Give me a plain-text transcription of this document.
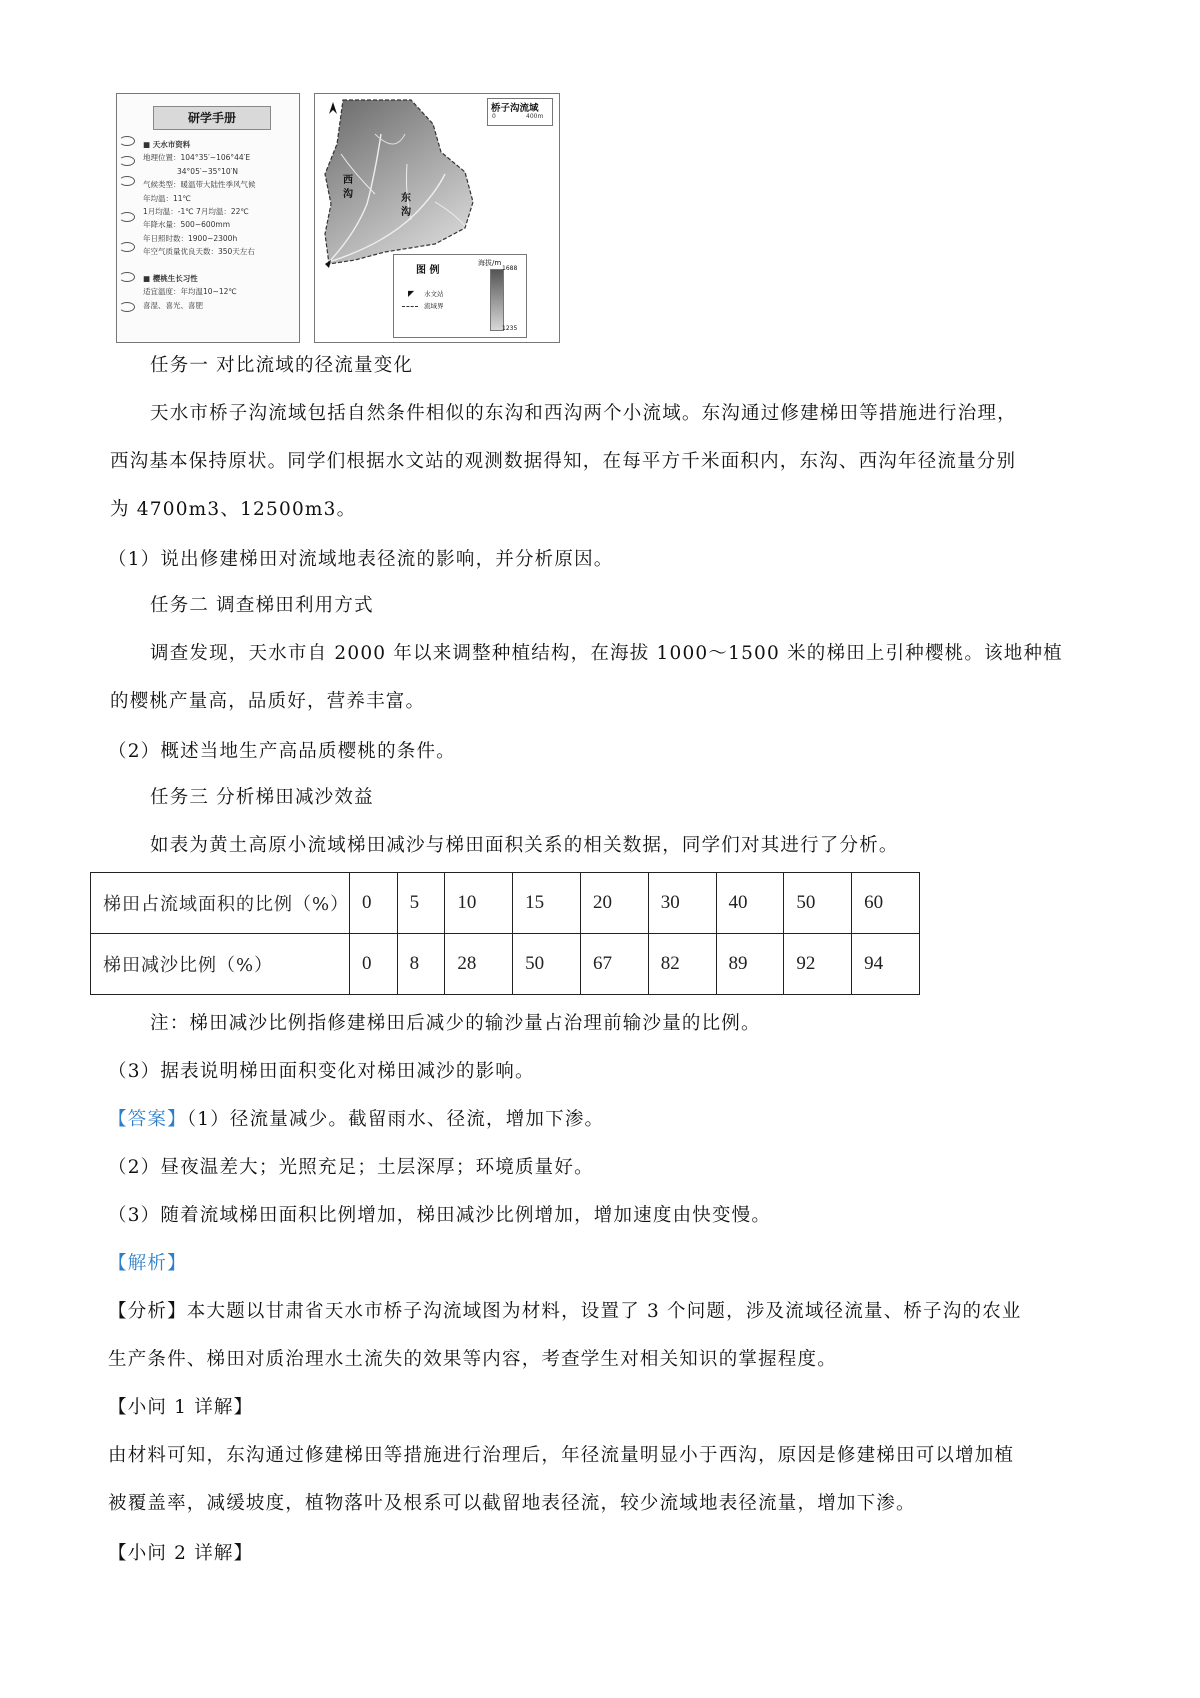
研学手册
■ 天水市资料
地理位置：104°35′~106°44′E
34°05′~35°10′N
气候类型：暖温带大陆性季风气候
年均温：11℃
1月均温：-1℃ 7月均温：22℃
年降水量：500~600mm
年日照时数：1900~2300h
年空气质量优良天数：350天左右

■ 樱桃生长习性
适宜温度：年均温10~12℃
喜湿、喜光、喜肥
桥子沟流域
0	400m
西
沟	东
沟
图 例
海拔/m
1688
1235
◤ 水文站
流域界
任务一 对比流域的径流量变化
天水市桥子沟流域包括自然条件相似的东沟和西沟两个小流域。东沟通过修建梯田等措施进行治理，
西沟基本保持原状。同学们根据水文站的观测数据得知，在每平方千米面积内，东沟、西沟年径流量分别
为 4700m3、12500m3。
（1）说出修建梯田对流域地表径流的影响，并分析原因。
任务二 调查梯田利用方式
调查发现，天水市自 2000 年以来调整种植结构，在海拔 1000～1500 米的梯田上引种樱桃。该地种植
的樱桃产量高，品质好，营养丰富。
（2）概述当地生产高品质樱桃的条件。
任务三 分析梯田减沙效益
如表为黄土高原小流域梯田减沙与梯田面积关系的相关数据，同学们对其进行了分析。
梯田占流域面积的比例（%）	0	5	10	15	20	30	40	50	60
梯田减沙比例（%）	0	8	28	50	67	82	89	92	94
注：梯田减沙比例指修建梯田后减少的输沙量占治理前输沙量的比例。
（3）据表说明梯田面积变化对梯田减沙的影响。
【答案】（1）径流量减少。截留雨水、径流，增加下渗。
（2）昼夜温差大；光照充足；土层深厚；环境质量好。
（3）随着流域梯田面积比例增加，梯田减沙比例增加，增加速度由快变慢。
【解析】
【分析】本大题以甘肃省天水市桥子沟流域图为材料，设置了 3 个问题，涉及流域径流量、桥子沟的农业
生产条件、梯田对质治理水土流失的效果等内容，考查学生对相关知识的掌握程度。
【小问 1 详解】
由材料可知，东沟通过修建梯田等措施进行治理后，年径流量明显小于西沟，原因是修建梯田可以增加植
被覆盖率，减缓坡度，植物落叶及根系可以截留地表径流，较少流域地表径流量，增加下渗。
【小问 2 详解】
